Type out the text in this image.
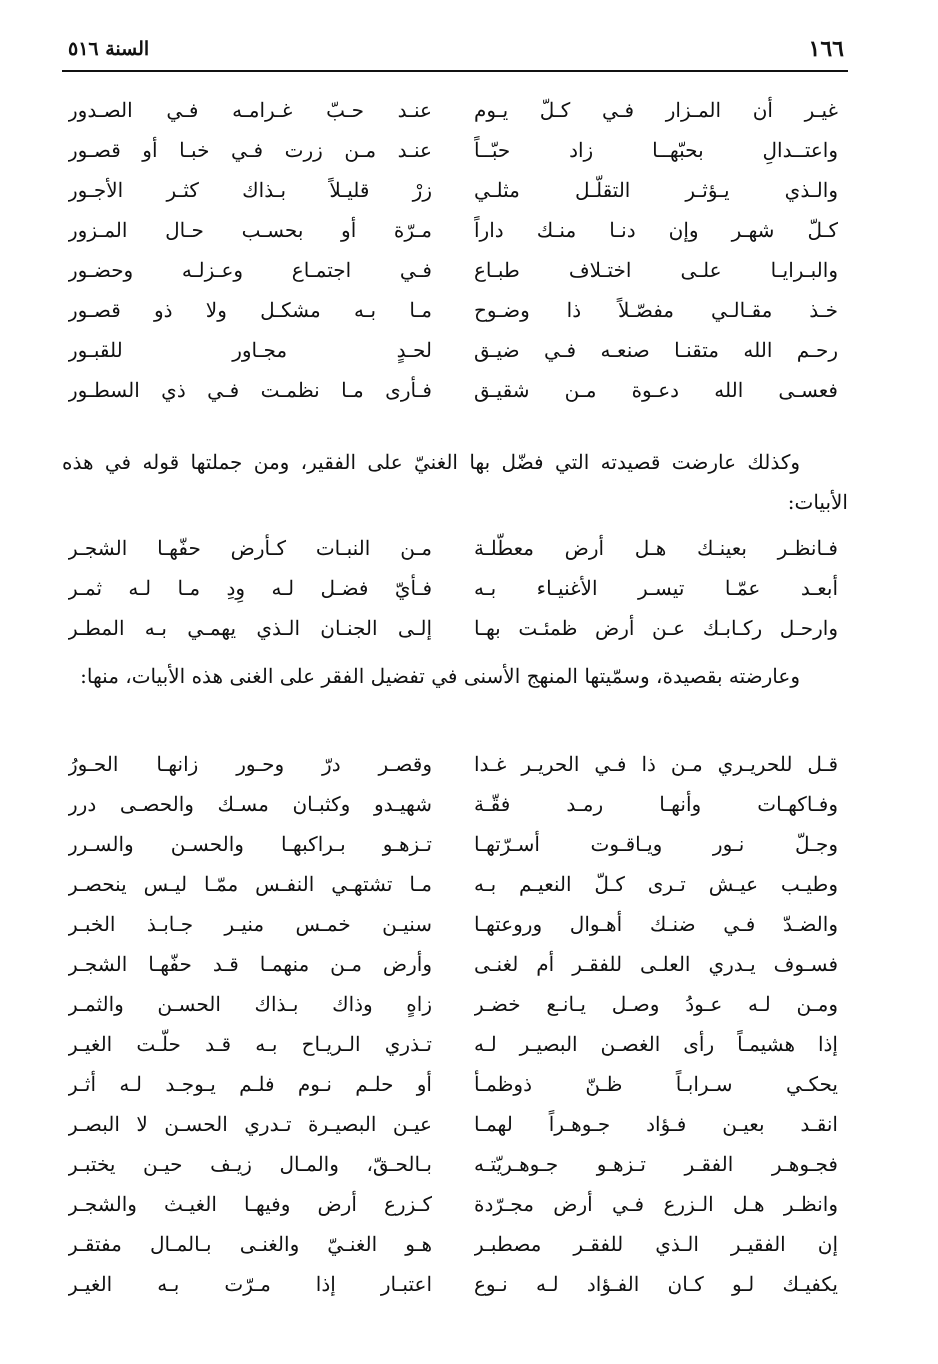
١٦٦
السنة ٥١٦
غيـر أن المـزار فـي كـلّ يـوم
عنـد حـبّ غـرامـه فـي الصـدور
واعتــدالِ بحبّهــا زاد حبّــاً
عنـد مـن زرت فـي خبـا أو قصـور
والـذي يـؤثـر التقلّـل مثلـي
زرْ قليـلاً بـذاك كثـر الأجـور
كـلّ شهـر وإن دنـا منـك داراً
مـرّة أو بحسـب حـال المـزور
والبـرايـا علـى اختـلاف طبـاع
فـي اجتمـاع وعـزلـه وحضـور
خـذ مقـالـي مفصّـلاً ذا وضـوح
مـا بـه مشكـل ولا ذو قصـور
رحـم الله متقنـا صنعـه فـي ضيـق
لحـدٍ مجـاور للقبـور
فعسـى الله دعـوة مـن شقيـق
فـأرى مـا نظمـت فـي ذي السطـور
وكذلك عارضت قصيدته التي فضّل بها الغنيّ على الفقير، ومن جملتها قوله في هذه الأبيات:
فـانظـر بعينـك هـل أرض معطّلـة
مـن النبـات كـأرض حفّهـا الشجـر
أبعـد عمّـا تيسـر الأغنيـاء بـه
فـأيّ فضـل لـه وِدِ مـا لـه ثمـر
وارحـل ركـابـك عـن أرض ظمئـت بهـا
إلـى الجنـان الـذي يهمـي بـه المطـر
وعارضته بقصيدة، وسمّيتها المنهج الأسنى في تفضيل الفقر على الغنى هذه الأبيات، منها:
قـل للحريـري مـن ذا فـي الحريـر غـدا
وقصـر درّ وحـور زانهـا الحـورُ
وفـاكهـات وأنهـا رمـد فقّـة
شهيـدو وكثبـان مسـك والحصـى درر
وجـلّ نـور ويـاقـوت أسـرّتهـا
تـزهـو بـراكبهـا والحسـن والسـرر
وطيـب عيـش تـرى كـلّ النعيـم بـه
مـا تشتهـي النفـس ممّـا ليـس ينحصـر
والضـدّ فـي ضنـك أهـوال وروعتهـا
سنيـن خمـس منيـر جـابـذ الخبـر
فسـوف يـدري العلـى للفقـر أم لغنـى
وأرض مـن منهمـا قـد حفّهـا الشجـر
ومـن لـه عـودُ وصـل يـانـع خضـر
زاهٍ وذاك بـذاك الحسـن والثمـر
إذا هشيمـاً رأى الغصـن البصيـر لـه
تـذري الـريـاح بـه قـد حلّـت الغيـر
يحكـي سـرابـاً ظـنّ ذوظمـأ
أو حلـم نـوم فلـم يـوجـد لـه أثـر
انقـد بعيـن فـؤاد جـوهـراً لهمـا
عيـن البصيـرة تـدري الحسـن لا البصـر
فجـوهـر الفقـر تـزهـو جـوهـريّتـه
بـالحـقّ، والمـال زيـف حيـن يختبـر
وانظـر هـل الـزرع فـي أرض مجـرّدة
كـزرع أرض وفيهـا الغيـث والشجـر
إن الفقيـر الـذي للفقـر مصطبـر
هـو الغنـيّ والغنـى بـالمـال مفتقـر
يكفيـك لـو كـان الفـؤاد لـه نـوع
اعتبـار إذا مـرّت بـه الغيـر
